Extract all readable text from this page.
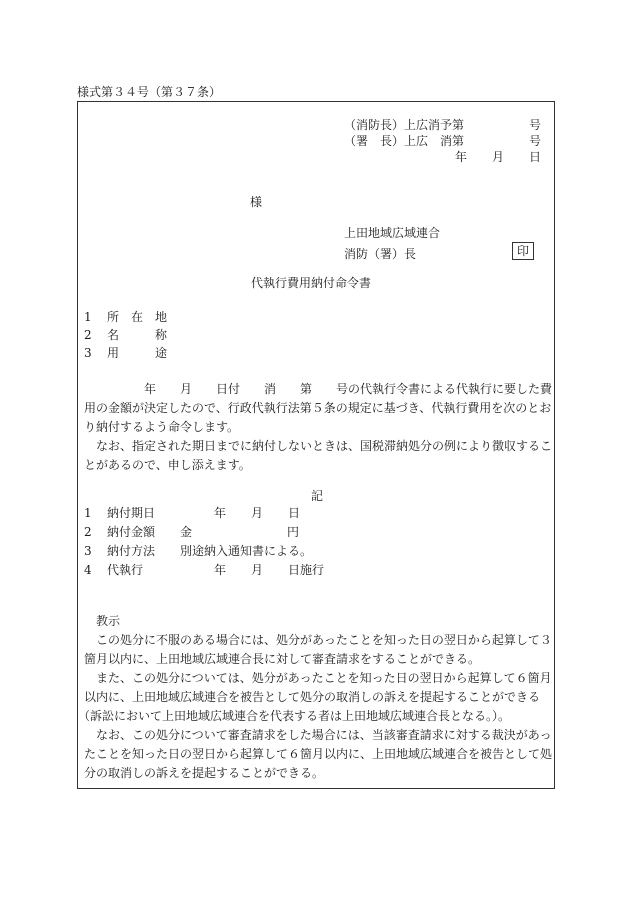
様式第３４号（第３７条）
（消防長）上広消予第	号
（署　長）上広　消第	号
年 月 日
様
上田地域広域連合
消防（署）長	印
代執行費用納付命令書
1 所　在　地
2 名　　　称
3 用　　　途
年　　月　　日付　　消　　第　　号の代執行令書による代執行に要した費
用の金額が決定したので、行政代執行法第５条の規定に基づき、代執行費用を次のとお
り納付するよう命令します。
なお、指定された期日までに納付しないときは、国税滞納処分の例により徴収するこ
とがあるので、申し添えます。
記
1 納付期日	年 月 日
2 納付金額 金	円
3 納付方法 別途納入通知書による。
4 代執行	年 月 日施行
教示
この処分に不服のある場合には、処分があったことを知った日の翌日から起算して３
箇月以内に、上田地域広域連合長に対して審査請求をすることができる。
また、この処分については、処分があったことを知った日の翌日から起算して６箇月
以内に、上田地域広域連合を被告として処分の取消しの訴えを提起することができる
（訴訟において上田地域広域連合を代表する者は上田地域広域連合長となる。）。
なお、この処分について審査請求をした場合には、当該審査請求に対する裁決があっ
たことを知った日の翌日から起算して６箇月以内に、上田地域広域連合を被告として処
分の取消しの訴えを提起することができる。
